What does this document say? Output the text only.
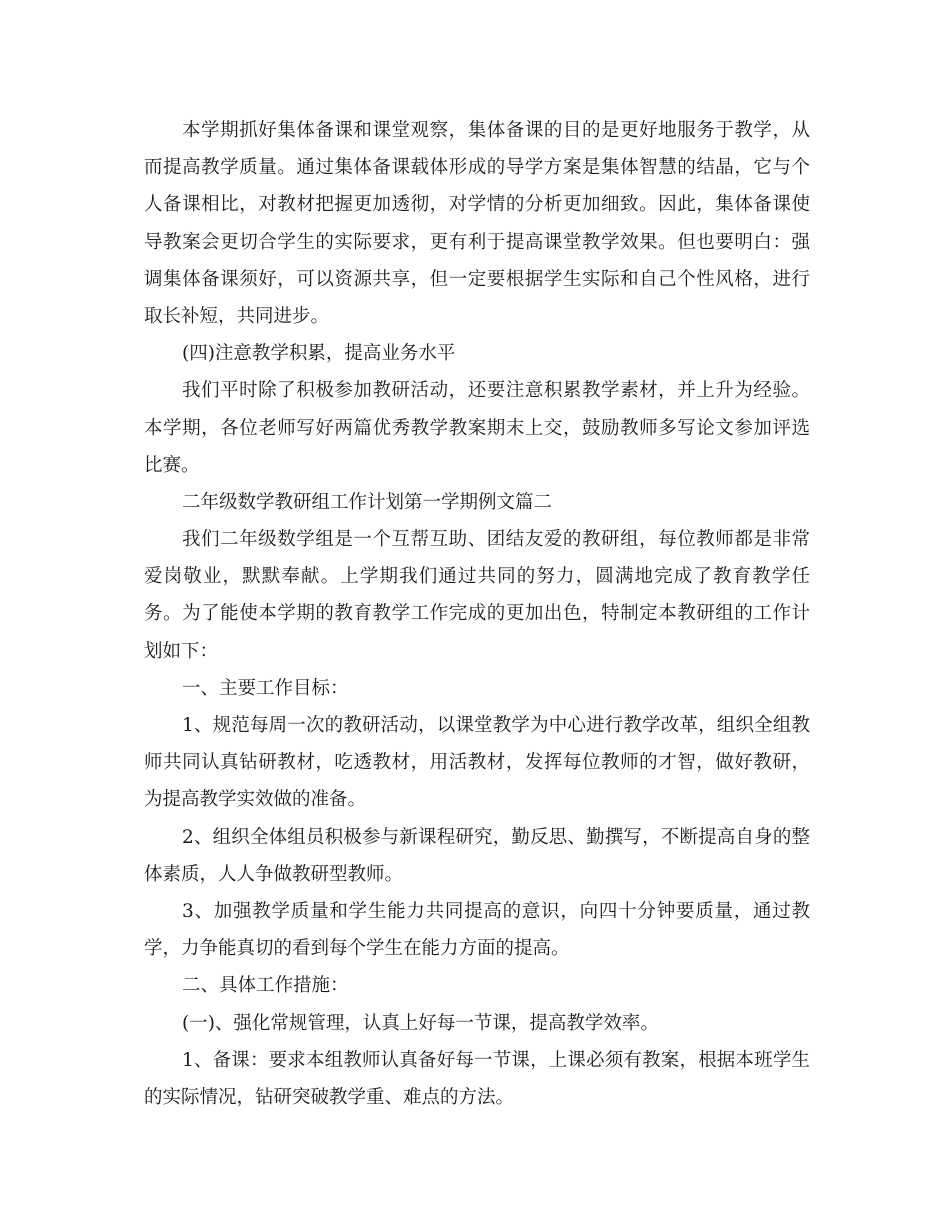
本学期抓好集体备课和课堂观察，集体备课的目的是更好地服务于教学，从
而提高教学质量。通过集体备课载体形成的导学方案是集体智慧的结晶，它与个
人备课相比，对教材把握更加透彻，对学情的分析更加细致。因此，集体备课使
导教案会更切合学生的实际要求，更有利于提高课堂教学效果。但也要明白：强
调集体备课须好，可以资源共享，但一定要根据学生实际和自己个性风格，进行
取长补短，共同进步。
(四)注意教学积累，提高业务水平
我们平时除了积极参加教研活动，还要注意积累教学素材，并上升为经验。
本学期，各位老师写好两篇优秀教学教案期末上交，鼓励教师多写论文参加评选
比赛。
二年级数学教研组工作计划第一学期例文篇二
我们二年级数学组是一个互帮互助、团结友爱的教研组，每位教师都是非常
爱岗敬业，默默奉献。上学期我们通过共同的努力，圆满地完成了教育教学任
务。为了能使本学期的教育教学工作完成的更加出色，特制定本教研组的工作计
划如下：
一、主要工作目标：
1、规范每周一次的教研活动，以课堂教学为中心进行教学改革，组织全组教
师共同认真钻研教材，吃透教材，用活教材，发挥每位教师的才智，做好教研，
为提高教学实效做的准备。
2、组织全体组员积极参与新课程研究，勤反思、勤撰写，不断提高自身的整
体素质，人人争做教研型教师。
3、加强教学质量和学生能力共同提高的意识，向四十分钟要质量，通过教
学，力争能真切的看到每个学生在能力方面的提高。
二、具体工作措施：
(一)、强化常规管理，认真上好每一节课，提高教学效率。
1、备课：要求本组教师认真备好每一节课，上课必须有教案，根据本班学生
的实际情况，钻研突破教学重、难点的方法。
